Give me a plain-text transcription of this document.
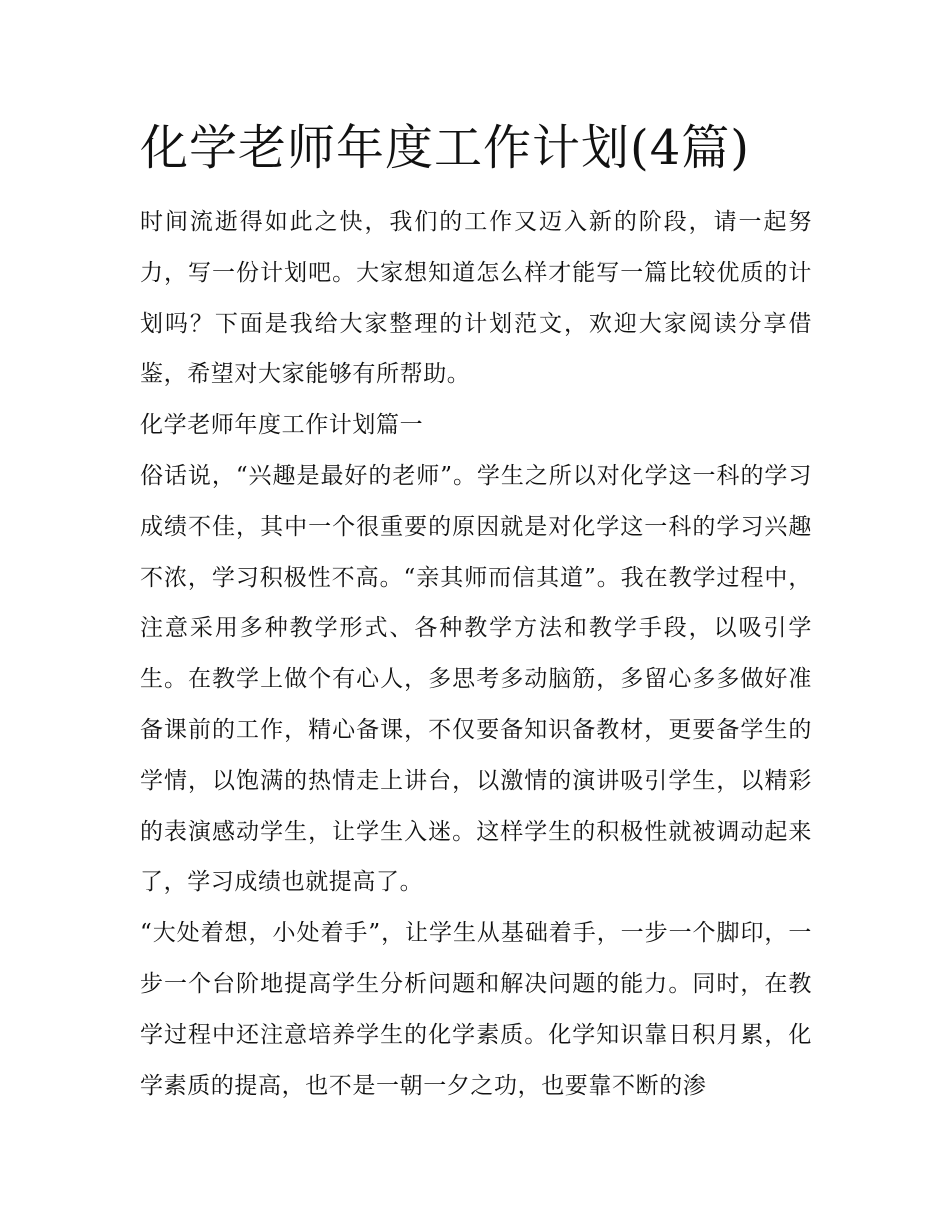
化学老师年度工作计划(4篇)

时间流逝得如此之快，我们的工作又迈入新的阶段，请一起努力，写一份计划吧。大家想知道怎么样才能写一篇比较优质的计划吗？下面是我给大家整理的计划范文，欢迎大家阅读分享借鉴，希望对大家能够有所帮助。

化学老师年度工作计划篇一

俗话说，“兴趣是最好的老师”。学生之所以对化学这一科的学习成绩不佳，其中一个很重要的原因就是对化学这一科的学习兴趣不浓，学习积极性不高。“亲其师而信其道”。我在教学过程中，注意采用多种教学形式、各种教学方法和教学手段，以吸引学生。在教学上做个有心人，多思考多动脑筋，多留心多多做好准备课前的工作，精心备课，不仅要备知识备教材，更要备学生的学情，以饱满的热情走上讲台，以激情的演讲吸引学生，以精彩的表演感动学生，让学生入迷。这样学生的积极性就被调动起来了，学习成绩也就提高了。

“大处着想，小处着手”，让学生从基础着手，一步一个脚印，一步一个台阶地提高学生分析问题和解决问题的能力。同时，在教学过程中还注意培养学生的化学素质。化学知识靠日积月累，化学素质的提高，也不是一朝一夕之功，也要靠不断的渗
